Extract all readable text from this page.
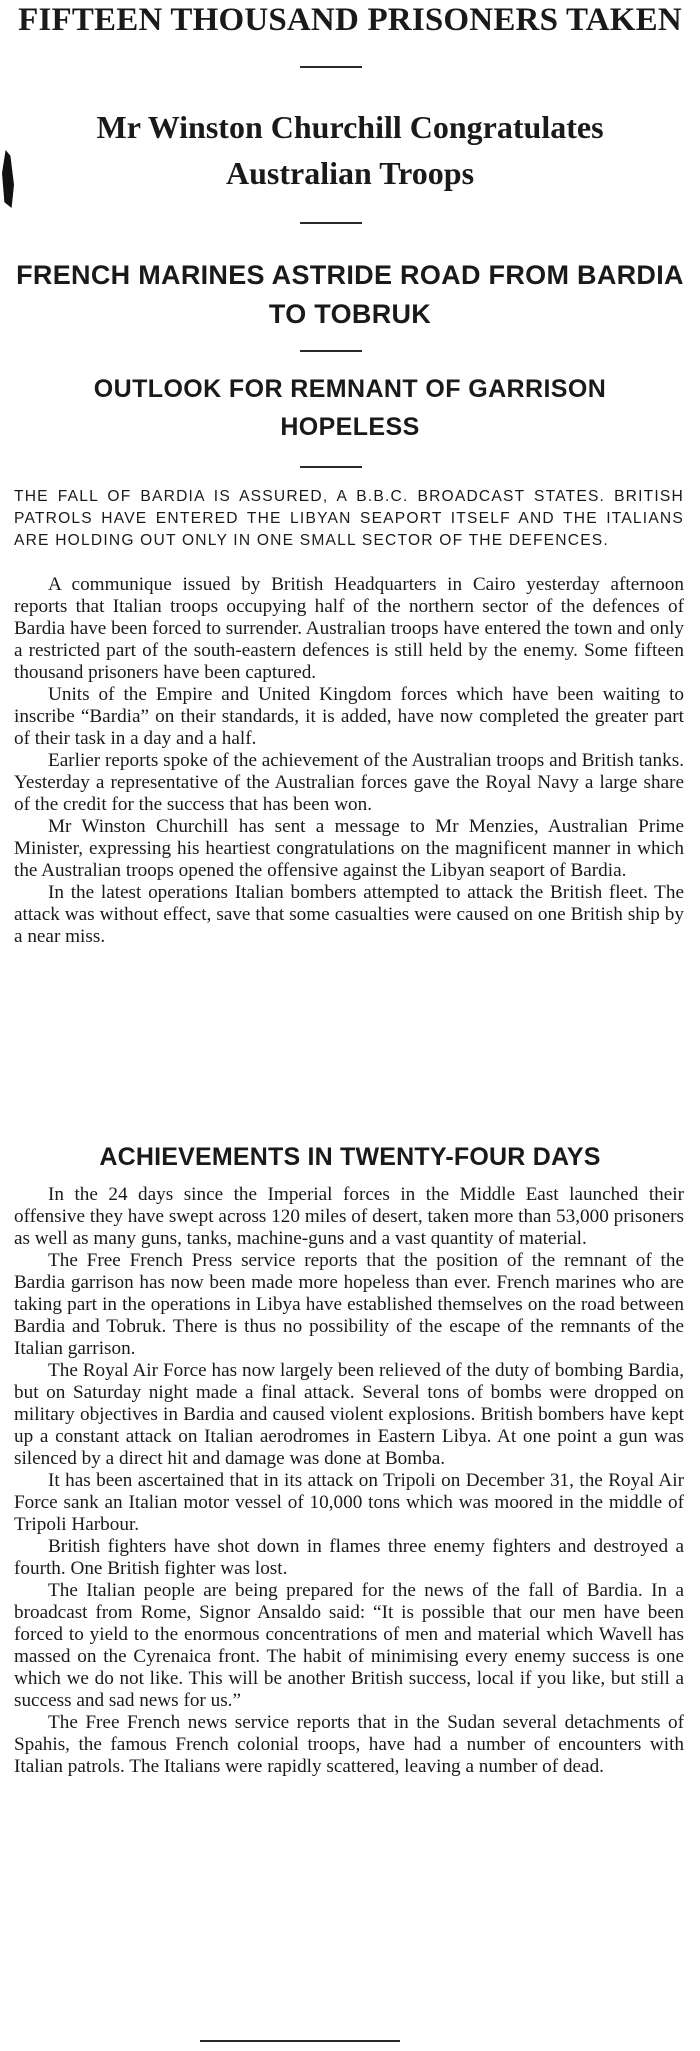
FIFTEEN THOUSAND PRISONERS TAKEN
Mr Winston Churchill Congratulates Australian Troops
FRENCH MARINES ASTRIDE ROAD FROM BARDIA TO TOBRUK
OUTLOOK FOR REMNANT OF GARRISON HOPELESS

THE FALL OF BARDIA IS ASSURED, A B.B.C. BROADCAST STATES. BRITISH PATROLS HAVE ENTERED THE LIBYAN SEAPORT ITSELF AND THE ITALIANS ARE HOLDING OUT ONLY IN ONE SMALL SECTOR OF THE DEFENCES.

A communique issued by British Headquarters in Cairo yesterday afternoon reports that Italian troops occupying half of the northern sector of the defences of Bardia have been forced to surrender. Australian troops have entered the town and only a restricted part of the south-eastern defences is still held by the enemy. Some fifteen thousand prisoners have been captured.

Units of the Empire and United Kingdom forces which have been waiting to inscribe “Bardia” on their standards, it is added, have now completed the greater part of their task in a day and a half.

Earlier reports spoke of the achievement of the Australian troops and British tanks. Yesterday a representative of the Australian forces gave the Royal Navy a large share of the credit for the success that has been won.

Mr Winston Churchill has sent a message to Mr Menzies, Australian Prime Minister, expressing his heartiest congratulations on the magnificent manner in which the Australian troops opened the offensive against the Libyan seaport of Bardia.

In the latest operations Italian bombers attempted to attack the British fleet. The attack was without effect, save that some casualties were caused on one British ship by a near miss.

ACHIEVEMENTS IN TWENTY-FOUR DAYS

In the 24 days since the Imperial forces in the Middle East launched their offensive they have swept across 120 miles of desert, taken more than 53,000 prisoners as well as many guns, tanks, machine-guns and a vast quantity of material.

The Free French Press service reports that the position of the remnant of the Bardia garrison has now been made more hopeless than ever. French marines who are taking part in the operations in Libya have established themselves on the road between Bardia and Tobruk. There is thus no possibility of the escape of the remnants of the Italian garrison.

The Royal Air Force has now largely been relieved of the duty of bombing Bardia, but on Saturday night made a final attack. Several tons of bombs were dropped on military objectives in Bardia and caused violent explosions. British bombers have kept up a constant attack on Italian aerodromes in Eastern Libya. At one point a gun was silenced by a direct hit and damage was done at Bomba.

It has been ascertained that in its attack on Tripoli on December 31, the Royal Air Force sank an Italian motor vessel of 10,000 tons which was moored in the middle of Tripoli Harbour.

British fighters have shot down in flames three enemy fighters and destroyed a fourth. One British fighter was lost.

The Italian people are being prepared for the news of the fall of Bardia. In a broadcast from Rome, Signor Ansaldo said: “It is possible that our men have been forced to yield to the enormous concentrations of men and material which Wavell has massed on the Cyrenaica front. The habit of minimising every enemy success is one which we do not like. This will be another British success, local if you like, but still a success and sad news for us.”

The Free French news service reports that in the Sudan several detachments of Spahis, the famous French colonial troops, have had a number of encounters with Italian patrols. The Italians were rapidly scattered, leaving a number of dead.
